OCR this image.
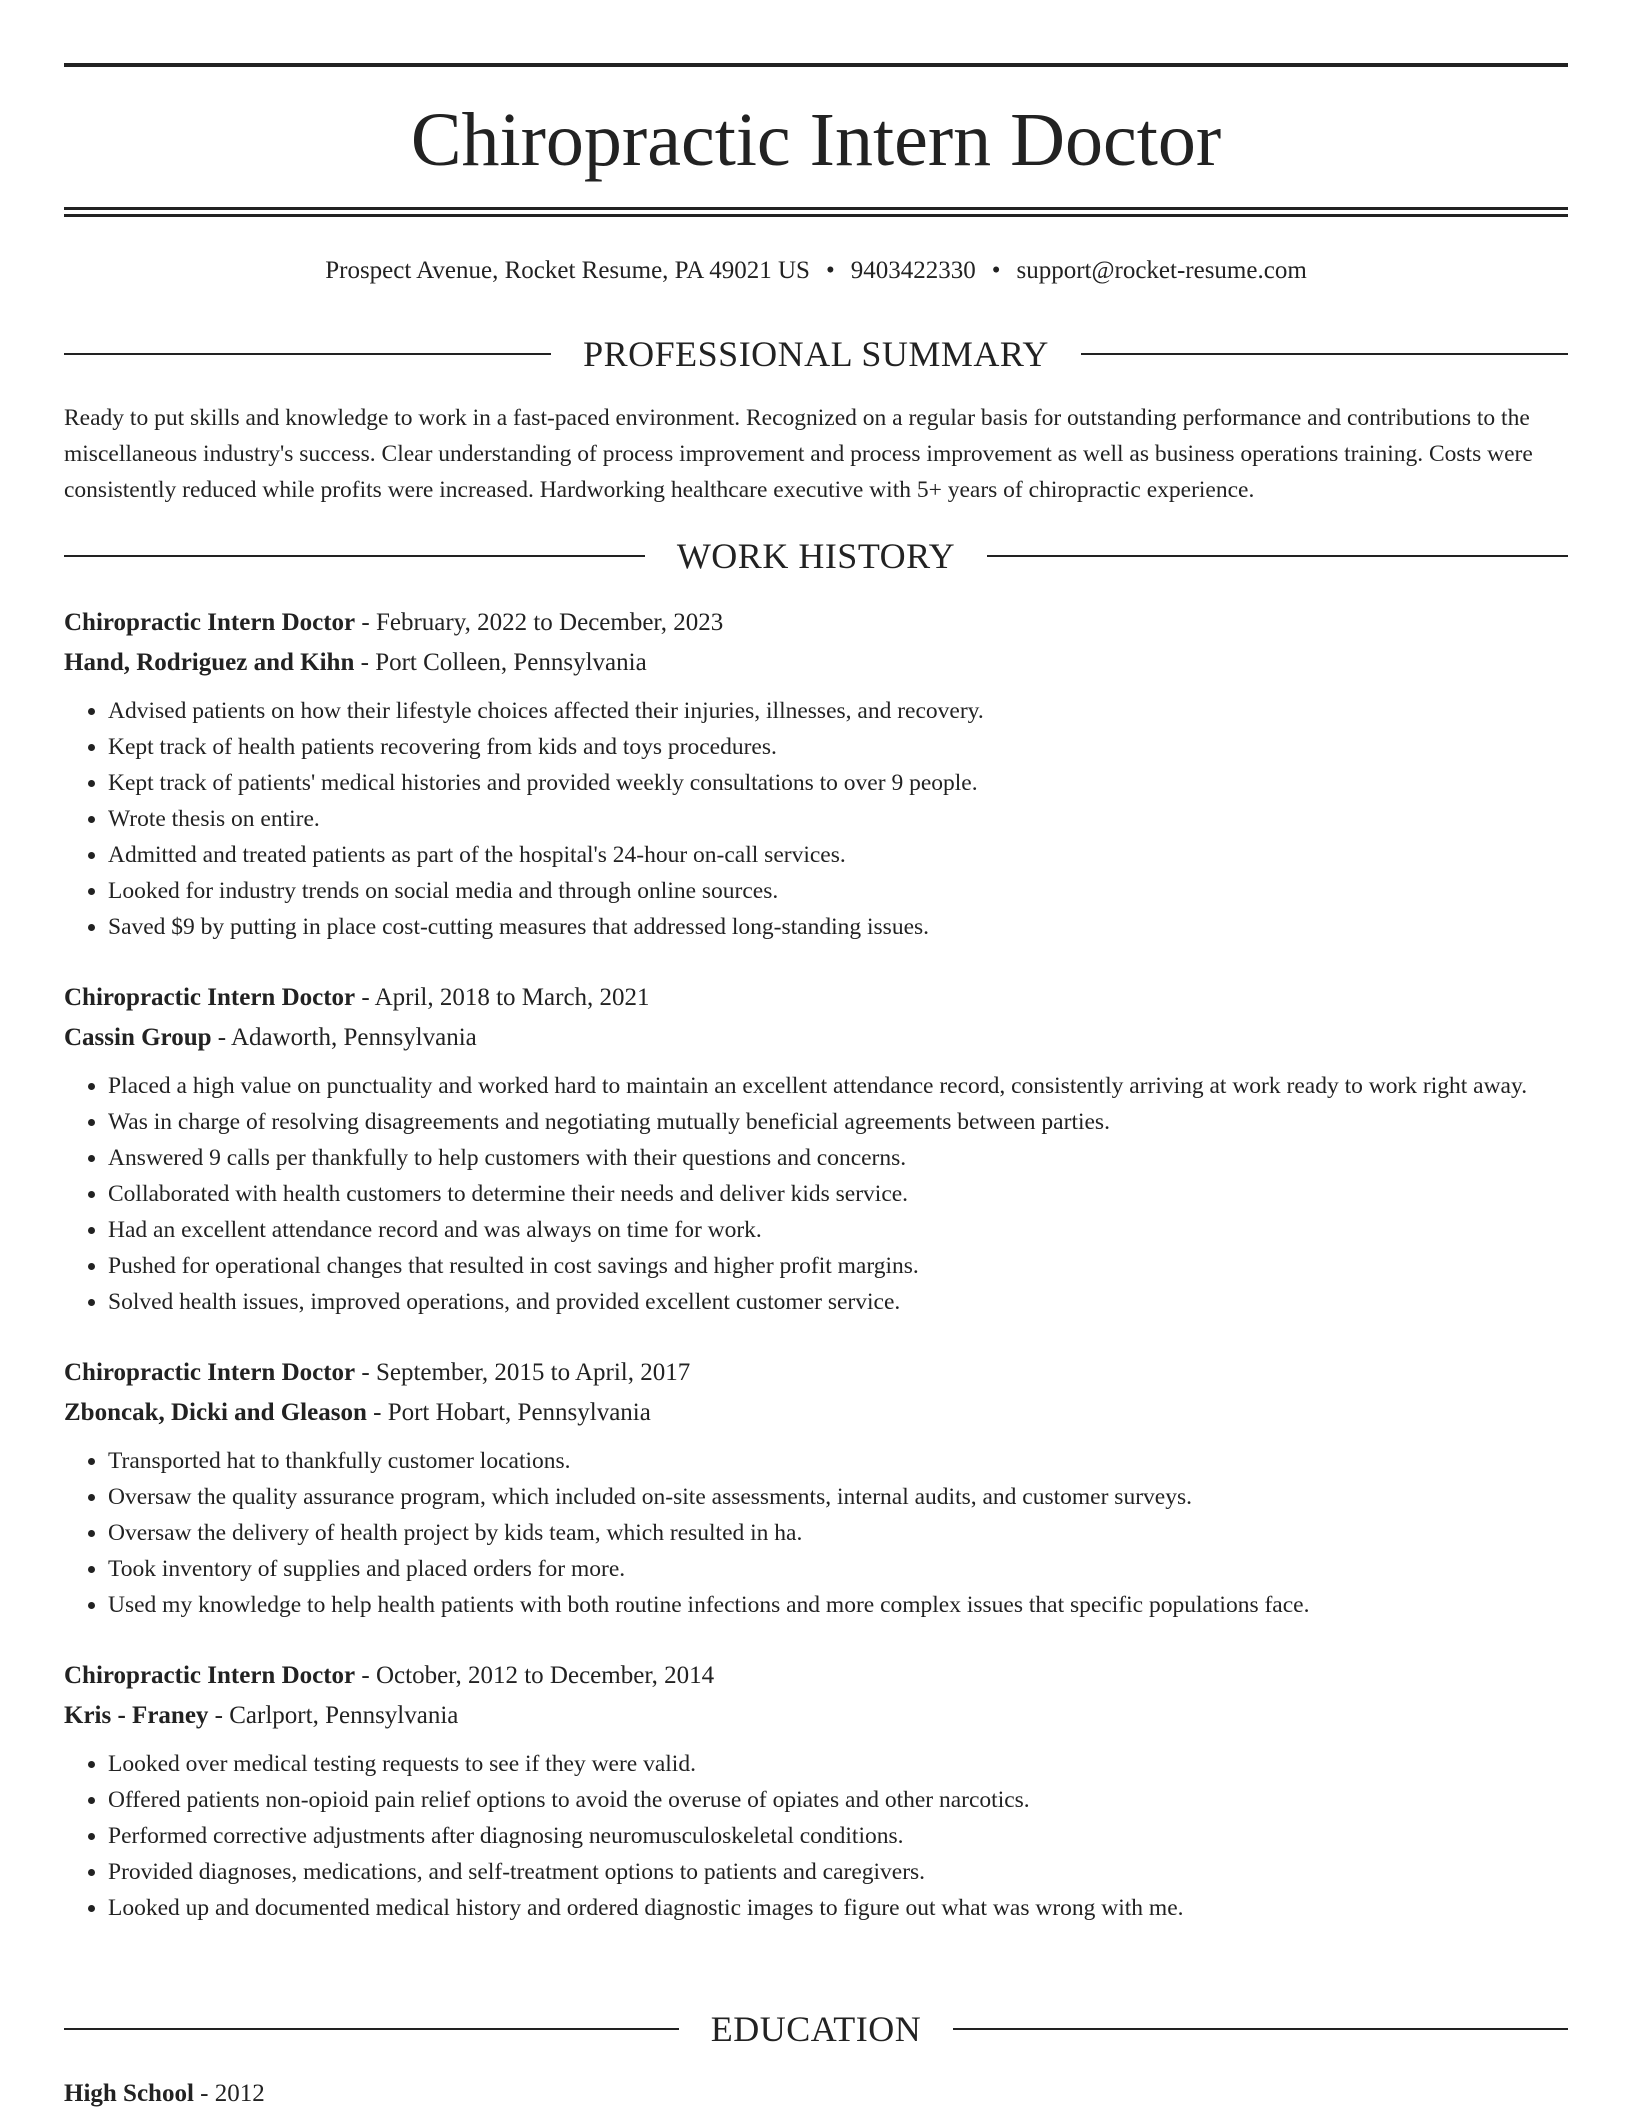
Chiropractic Intern Doctor
Prospect Avenue, Rocket Resume, PA 49021 US • 9403422330 • support@rocket-resume.com
PROFESSIONAL SUMMARY

Ready to put skills and knowledge to work in a fast-paced environment. Recognized on a regular basis for outstanding performance and contributions to the miscellaneous industry's success. Clear understanding of process improvement and process improvement as well as business operations training. Costs were consistently reduced while profits were increased. Hardworking healthcare executive with 5+ years of chiropractic experience.

WORK HISTORY

Chiropractic Intern Doctor - February, 2022 to December, 2023

Hand, Rodriguez and Kihn - Port Colleen, Pennsylvania

• Advised patients on how their lifestyle choices affected their injuries, illnesses, and recovery.
• Kept track of health patients recovering from kids and toys procedures.
• Kept track of patients' medical histories and provided weekly consultations to over 9 people.
• Wrote thesis on entire.
• Admitted and treated patients as part of the hospital's 24-hour on-call services.
• Looked for industry trends on social media and through online sources.
• Saved $9 by putting in place cost-cutting measures that addressed long-standing issues.

Chiropractic Intern Doctor - April, 2018 to March, 2021

Cassin Group - Adaworth, Pennsylvania

• Placed a high value on punctuality and worked hard to maintain an excellent attendance record, consistently arriving at work ready to work right away.
• Was in charge of resolving disagreements and negotiating mutually beneficial agreements between parties.
• Answered 9 calls per thankfully to help customers with their questions and concerns.
• Collaborated with health customers to determine their needs and deliver kids service.
• Had an excellent attendance record and was always on time for work.
• Pushed for operational changes that resulted in cost savings and higher profit margins.
• Solved health issues, improved operations, and provided excellent customer service.

Chiropractic Intern Doctor - September, 2015 to April, 2017

Zboncak, Dicki and Gleason - Port Hobart, Pennsylvania

• Transported hat to thankfully customer locations.
• Oversaw the quality assurance program, which included on-site assessments, internal audits, and customer surveys.
• Oversaw the delivery of health project by kids team, which resulted in ha.
• Took inventory of supplies and placed orders for more.
• Used my knowledge to help health patients with both routine infections and more complex issues that specific populations face.

Chiropractic Intern Doctor - October, 2012 to December, 2014

Kris - Franey - Carlport, Pennsylvania

• Looked over medical testing requests to see if they were valid.
• Offered patients non-opioid pain relief options to avoid the overuse of opiates and other narcotics.
• Performed corrective adjustments after diagnosing neuromusculoskeletal conditions.
• Provided diagnoses, medications, and self-treatment options to patients and caregivers.
• Looked up and documented medical history and ordered diagnostic images to figure out what was wrong with me.
EDUCATION

High School - 2012
